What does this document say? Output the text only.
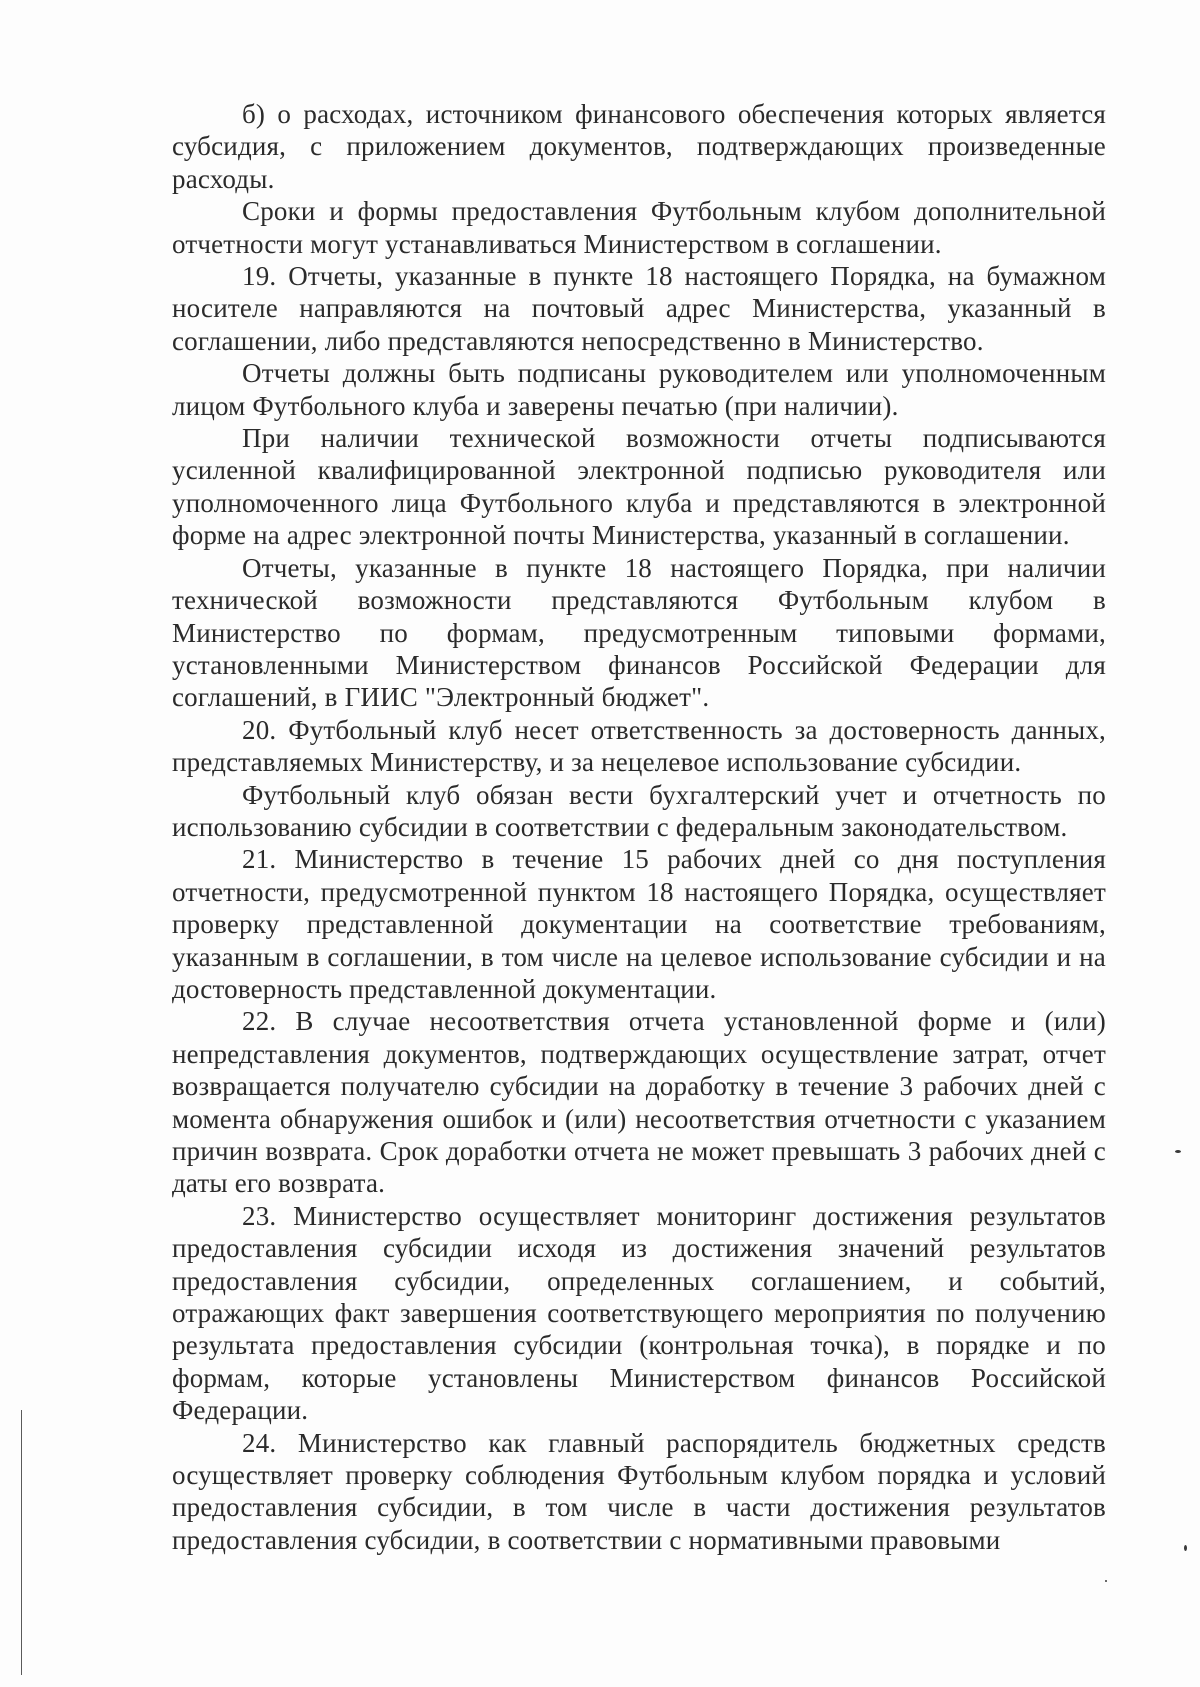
б) о расходах, источником финансового обеспечения которых является субсидия, с приложением документов, подтверждающих произведенные расходы.

Сроки и формы предоставления Футбольным клубом дополнительной отчетности могут устанавливаться Министерством в соглашении.

19. Отчеты, указанные в пункте 18 настоящего Порядка, на бумажном носителе направляются на почтовый адрес Министерства, указанный в соглашении, либо представляются непосредственно в Министерство.

Отчеты должны быть подписаны руководителем или уполномоченным лицом Футбольного клуба и заверены печатью (при наличии).

При наличии технической возможности отчеты подписываются усиленной квалифицированной электронной подписью руководителя или уполномоченного лица Футбольного клуба и представляются в электронной форме на адрес электронной почты Министерства, указанный в соглашении.

Отчеты, указанные в пункте 18 настоящего Порядка, при наличии технической возможности представляются Футбольным клубом в Министерство по формам, предусмотренным типовыми формами, установленными Министерством финансов Российской Федерации для соглашений, в ГИИС "Электронный бюджет".

20. Футбольный клуб несет ответственность за достоверность данных, представляемых Министерству, и за нецелевое использование субсидии.

Футбольный клуб обязан вести бухгалтерский учет и отчетность по использованию субсидии в соответствии с федеральным законодательством.

21. Министерство в течение 15 рабочих дней со дня поступления отчетности, предусмотренной пунктом 18 настоящего Порядка, осуществляет проверку представленной документации на соответствие требованиям, указанным в соглашении, в том числе на целевое использование субсидии и на достоверность представленной документации.

22. В случае несоответствия отчета установленной форме и (или) непредставления документов, подтверждающих осуществление затрат, отчет возвращается получателю субсидии на доработку в течение 3 рабочих дней с момента обнаружения ошибок и (или) несоответствия отчетности с указанием причин возврата. Срок доработки отчета не может превышать 3 рабочих дней с даты его возврата.

23. Министерство осуществляет мониторинг достижения результатов предоставления субсидии исходя из достижения значений результатов предоставления субсидии, определенных соглашением, и событий, отражающих факт завершения соответствующего мероприятия по получению результата предоставления субсидии (контрольная точка), в порядке и по формам, которые установлены Министерством финансов Российской Федерации.

24. Министерство как главный распорядитель бюджетных средств осуществляет проверку соблюдения Футбольным клубом порядка и условий предоставления субсидии, в том числе в части достижения результатов предоставления субсидии, в соответствии с нормативными правовыми
